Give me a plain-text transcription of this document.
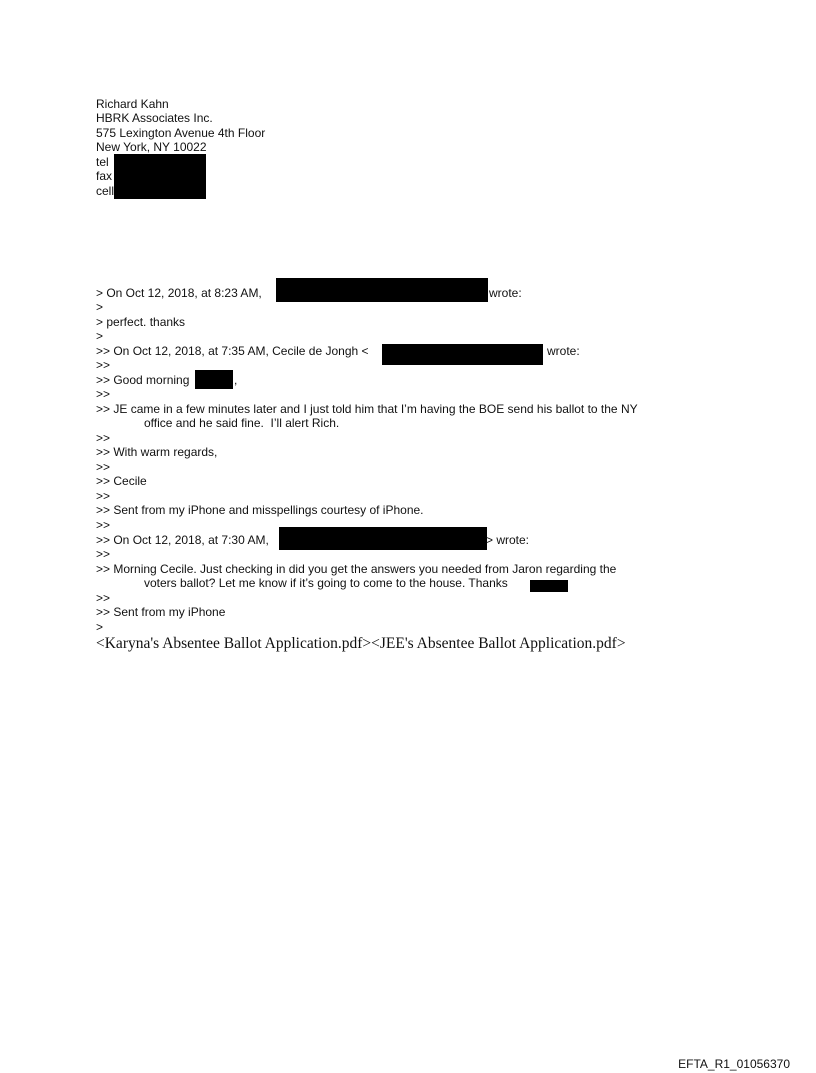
Richard Kahn
HBRK Associates Inc.
575 Lexington Avenue 4th Floor
New York, NY 10022
tel
fax
cell
> On Oct 12, 2018, at 8:23 AM,	wrote:
>
> perfect. thanks
>
>> On Oct 12, 2018, at 7:35 AM, Cecile de Jongh <	wrote:
>>
>> Good morning	,
>>
>> JE came in a few minutes later and I just told him that I’m having the BOE send his ballot to the NY
office and he said fine.  I’ll alert Rich.
>>
>> With warm regards,
>>
>> Cecile
>>
>> Sent from my iPhone and misspellings courtesy of iPhone.
>>
>> On Oct 12, 2018, at 7:30 AM,	> wrote:
>>
>> Morning Cecile. Just checking in did you get the answers you needed from Jaron regarding the
voters ballot? Let me know if it’s going to come to the house. Thanks
>>
>> Sent from my iPhone
>
<Karyna's Absentee Ballot Application.pdf><JEE's Absentee Ballot Application.pdf>
EFTA_R1_01056370
